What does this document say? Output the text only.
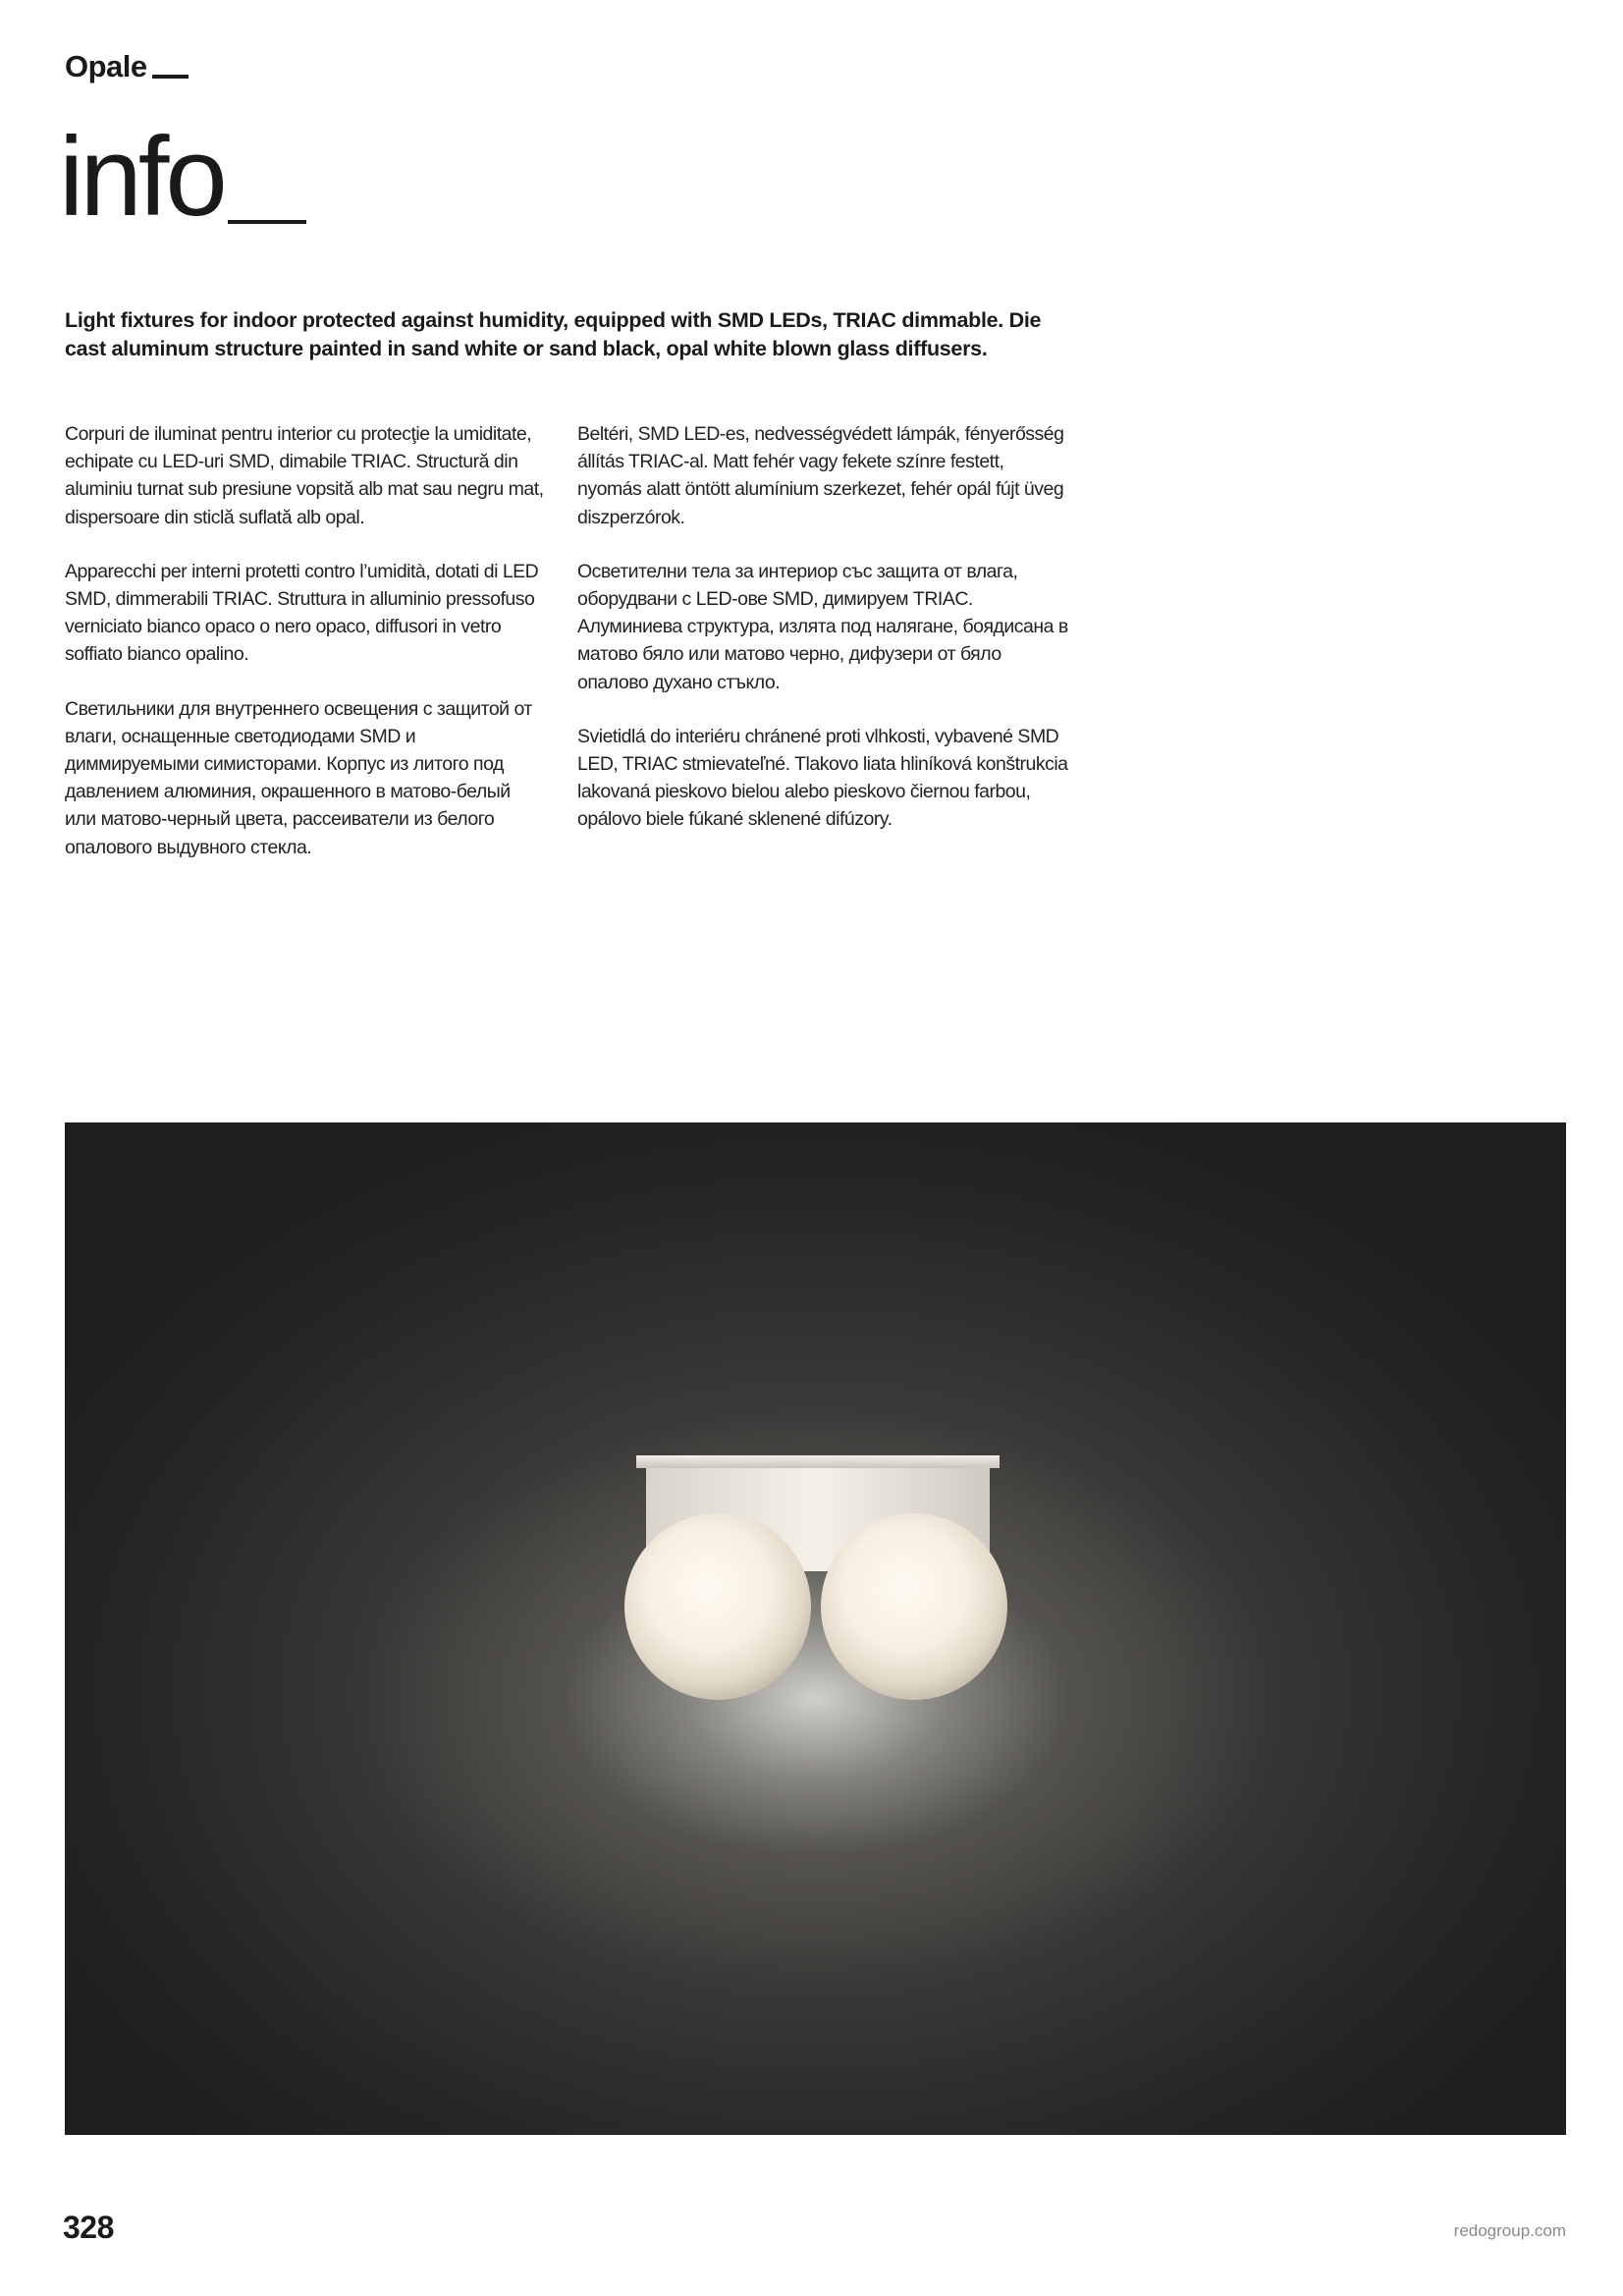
Opale
info

Light fixtures for indoor protected against humidity, equipped with SMD LEDs, TRIAC dimmable. Die cast aluminum structure painted in sand white or sand black, opal white blown glass diffusers.

Corpuri de iluminat pentru interior cu protecţie la umiditate, echipate cu LED-uri SMD, dimabile TRIAC. Structură din aluminiu turnat sub presiune vopsită alb mat sau negru mat, dispersoare din sticlă suflată alb opal.

Apparecchi per interni protetti contro l’umidità, dotati di LED SMD, dimmerabili TRIAC. Struttura in alluminio pressofuso verniciato bianco opaco o nero opaco, diffusori in vetro soffiato bianco opalino.

Светильники для внутреннего освещения с защитой от влаги, оснащенные светодиодами SMD и диммируемыми симисторами. Корпус из литого под давлением алюминия, окрашенного в матово-белый или матово-черный цвета, рассеиватели из белого опалового выдувного стекла.

Beltéri, SMD LED-es, nedvességvédett lámpák, fényerősség állítás TRIAC-al. Matt fehér vagy fekete színre festett, nyomás alatt öntött alumínium szerkezet, fehér opál fújt üveg diszperzórok.

Осветителни тела за интериор със защита от влага, оборудвани с LED-ове SMD, димируем TRIAC. Алуминиева структура, излята под налягане, боядисана в матово бяло или матово черно, дифузери от бяло опалово духано стъкло.

Svietidlá do interiéru chránené proti vlhkosti, vybavené SMD LED, TRIAC stmievateľné. Tlakovo liata hliníková konštrukcia lakovaná pieskovo bielou alebo pieskovo čiernou farbou, opálovo biele fúkané sklenené difúzory.

328	redogroup.com
